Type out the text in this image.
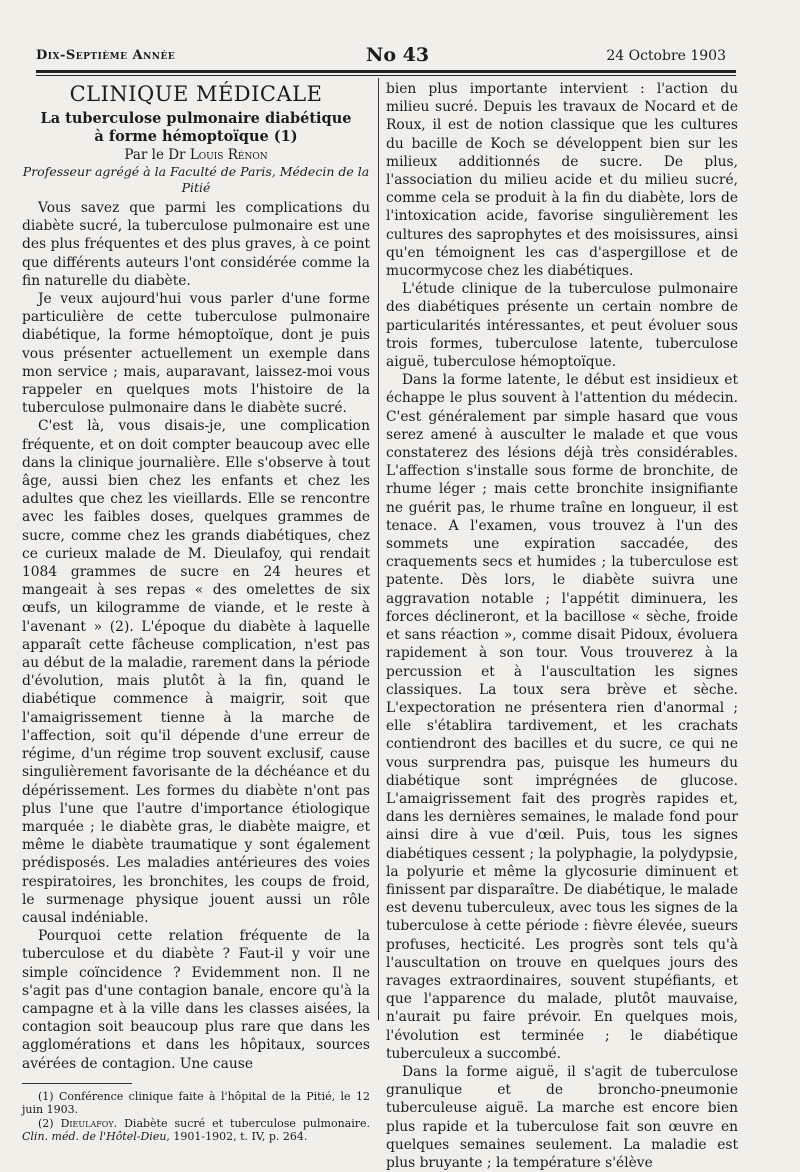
Dix-Septième Année	No 43	24 Octobre 1903
CLINIQUE MÉDICALE
La tuberculose pulmonaire diabétique
à forme hémoptoïque (1)
Par le Dr Louis Rénon
Professeur agrégé à la Faculté de Paris, Médecin de la Pitié

Vous savez que parmi les complications du diabète sucré, la tuberculose pulmonaire est une des plus fréquentes et des plus graves, à ce point que différents auteurs l'ont considérée comme la fin naturelle du diabète.

Je veux aujourd'hui vous parler d'une forme particulière de cette tuberculose pulmonaire diabétique, la forme hémoptoïque, dont je puis vous présenter actuellement un exemple dans mon service ; mais, auparavant, laissez-moi vous rappeler en quelques mots l'histoire de la tuberculose pulmonaire dans le diabète sucré.

C'est là, vous disais-je, une complication fréquente, et on doit compter beaucoup avec elle dans la clinique journalière. Elle s'observe à tout âge, aussi bien chez les enfants et chez les adultes que chez les vieillards. Elle se rencontre avec les faibles doses, quelques grammes de sucre, comme chez les grands diabétiques, chez ce curieux malade de M. Dieulafoy, qui rendait 1084 grammes de sucre en 24 heures et mangeait à ses repas « des omelettes de six œufs, un kilogramme de viande, et le reste à l'avenant » (2). L'époque du diabète à laquelle apparaît cette fâcheuse complication, n'est pas au début de la maladie, rarement dans la période d'évolution, mais plutôt à la fin, quand le diabétique commence à maigrir, soit que l'amaigrissement tienne à la marche de l'affection, soit qu'il dépende d'une erreur de régime, d'un régime trop souvent exclusif, cause singulièrement favorisante de la déchéance et du dépérissement. Les formes du diabète n'ont pas plus l'une que l'autre d'importance étiologique marquée ; le diabète gras, le diabète maigre, et même le diabète traumatique y sont également prédisposés. Les maladies antérieures des voies respiratoires, les bronchites, les coups de froid, le surmenage physique jouent aussi un rôle causal indéniable.

Pourquoi cette relation fréquente de la tuberculose et du diabète ? Faut-il y voir une simple coïncidence ? Evidemment non. Il ne s'agit pas d'une contagion banale, encore qu'à la campagne et à la ville dans les classes aisées, la contagion soit beaucoup plus rare que dans les agglomérations et dans les hôpitaux, sources avérées de contagion. Une cause

(1) Conférence clinique faite à l'hôpital de la Pitié, le 12 juin 1903.

(2) Dieulafoy. Diabète sucré et tuberculose pulmonaire. Clin. méd. de l'Hôtel-Dieu, 1901-1902, t. IV, p. 264.

bien plus importante intervient : l'action du milieu sucré. Depuis les travaux de Nocard et de Roux, il est de notion classique que les cultures du bacille de Koch se développent bien sur les milieux additionnés de sucre. De plus, l'association du milieu acide et du milieu sucré, comme cela se produit à la fin du diabète, lors de l'intoxication acide, favorise singulièrement les cultures des saprophytes et des moisissures, ainsi qu'en témoignent les cas d'aspergillose et de mucormycose chez les diabétiques.

L'étude clinique de la tuberculose pulmonaire des diabétiques présente un certain nombre de particularités intéressantes, et peut évoluer sous trois formes, tuberculose latente, tuberculose aiguë, tuberculose hémoptoïque.

Dans la forme latente, le début est insidieux et échappe le plus souvent à l'attention du médecin. C'est généralement par simple hasard que vous serez amené à ausculter le malade et que vous constaterez des lésions déjà très considérables. L'affection s'installe sous forme de bronchite, de rhume léger ; mais cette bronchite insignifiante ne guérit pas, le rhume traîne en longueur, il est tenace. A l'examen, vous trouvez à l'un des sommets une expiration saccadée, des craquements secs et humides ; la tuberculose est patente. Dès lors, le diabète suivra une aggravation notable ; l'appétit diminuera, les forces déclineront, et la bacillose « sèche, froide et sans réaction », comme disait Pidoux, évoluera rapidement à son tour. Vous trouverez à la percussion et à l'auscultation les signes classiques. La toux sera brève et sèche. L'expectoration ne présentera rien d'anormal ; elle s'établira tardivement, et les crachats contiendront des bacilles et du sucre, ce qui ne vous surprendra pas, puisque les humeurs du diabétique sont imprégnées de glucose. L'amaigrissement fait des progrès rapides et, dans les dernières semaines, le malade fond pour ainsi dire à vue d'œil. Puis, tous les signes diabétiques cessent ; la polyphagie, la polydypsie, la polyurie et même la glycosurie diminuent et finissent par disparaître. De diabétique, le malade est devenu tuberculeux, avec tous les signes de la tuberculose à cette période : fièvre élevée, sueurs profuses, hecticité. Les progrès sont tels qu'à l'auscultation on trouve en quelques jours des ravages extraordinaires, souvent stupéfiants, et que l'apparence du malade, plutôt mauvaise, n'aurait pu faire prévoir. En quelques mois, l'évolution est terminée ; le diabétique tuberculeux a succombé.

Dans la forme aiguë, il s'agit de tuberculose granulique et de broncho-pneumonie tuberculeuse aiguë. La marche est encore bien plus rapide et la tuberculose fait son œuvre en quelques semaines seulement. La maladie est plus bruyante ; la température s'élève
